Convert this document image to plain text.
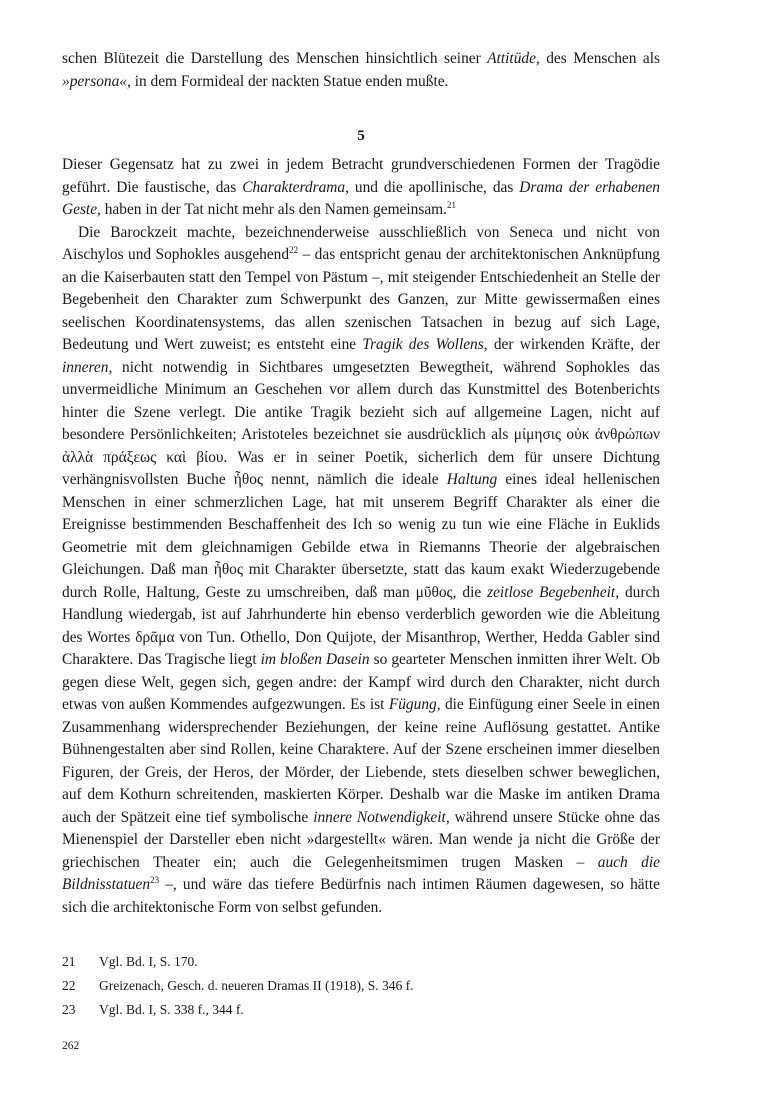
schen Blütezeit die Darstellung des Menschen hinsichtlich seiner Attitüde, des Menschen als »persona«, in dem Formideal der nackten Statue enden mußte.

5

Dieser Gegensatz hat zu zwei in jedem Betracht grundverschiedenen Formen der Tragödie geführt. Die faustische, das Charakterdrama, und die apollinische, das Drama der erhabenen Geste, haben in der Tat nicht mehr als den Namen gemeinsam.$^{21}$

Die Barockzeit machte, bezeichnenderweise ausschließlich von Seneca und nicht von Aischylos und Sophokles ausgehend$^{22}$ – das entspricht genau der architektonischen Anknüpfung an die Kaiserbauten statt den Tempel von Pästum –, mit steigender Entschiedenheit an Stelle der Begebenheit den Charakter zum Schwerpunkt des Ganzen, zur Mitte gewissermaßen eines seelischen Koordinatensystems, das allen szenischen Tatsachen in bezug auf sich Lage, Bedeutung und Wert zuweist; es entsteht eine Tragik des Wollens, der wirkenden Kräfte, der inneren, nicht notwendig in Sichtbares umgesetzten Bewegtheit, während Sophokles das unvermeidliche Minimum an Geschehen vor allem durch das Kunstmittel des Botenberichts hinter die Szene verlegt. Die antike Tragik bezieht sich auf allgemeine Lagen, nicht auf besondere Persönlichkeiten; Aristoteles bezeichnet sie ausdrücklich als μίμησις οὐκ ἀνθρώπων ἀλλὰ πράξεως καὶ βίου. Was er in seiner Poetik, sicherlich dem für unsere Dichtung verhängnisvollsten Buche ἦθος nennt, nämlich die ideale Haltung eines ideal hellenischen Menschen in einer schmerzlichen Lage, hat mit unserem Begriff Charakter als einer die Ereignisse bestimmenden Beschaffenheit des Ich so wenig zu tun wie eine Fläche in Euklids Geometrie mit dem gleichnamigen Gebilde etwa in Riemanns Theorie der algebraischen Gleichungen. Daß man ἦθος mit Charakter übersetzte, statt das kaum exakt Wiederzugebende durch Rolle, Haltung, Geste zu umschreiben, daß man μῦθος, die zeitlose Begebenheit, durch Handlung wiedergab, ist auf Jahrhunderte hin ebenso verderblich geworden wie die Ableitung des Wortes δρᾶμα von Tun. Othello, Don Quijote, der Misanthrop, Werther, Hedda Gabler sind Charaktere. Das Tragische liegt im bloßen Dasein so gearteter Menschen inmitten ihrer Welt. Ob gegen diese Welt, gegen sich, gegen andre: der Kampf wird durch den Charakter, nicht durch etwas von außen Kommendes aufgezwungen. Es ist Fügung, die Einfügung einer Seele in einen Zusammenhang widersprechender Beziehungen, der keine reine Auflösung gestattet. Antike Bühnengestalten aber sind Rollen, keine Charaktere. Auf der Szene erscheinen immer dieselben Figuren, der Greis, der Heros, der Mörder, der Liebende, stets dieselben schwer beweglichen, auf dem Kothurn schreitenden, maskierten Körper. Deshalb war die Maske im antiken Drama auch der Spätzeit eine tief symbolische innere Notwendigkeit, während unsere Stücke ohne das Mienenspiel der Darsteller eben nicht »dargestellt« wären. Man wende ja nicht die Größe der griechischen Theater ein; auch die Gelegenheitsmimen trugen Masken – auch die Bildnisstatuen$^{23}$ –, und wäre das tiefere Bedürfnis nach intimen Räumen dagewesen, so hätte sich die architektonische Form von selbst gefunden.

21	Vgl. Bd. I, S. 170.
22	Greizenach, Gesch. d. neueren Dramas II (1918), S. 346 f.
23	Vgl. Bd. I, S. 338 f., 344 f.
262
